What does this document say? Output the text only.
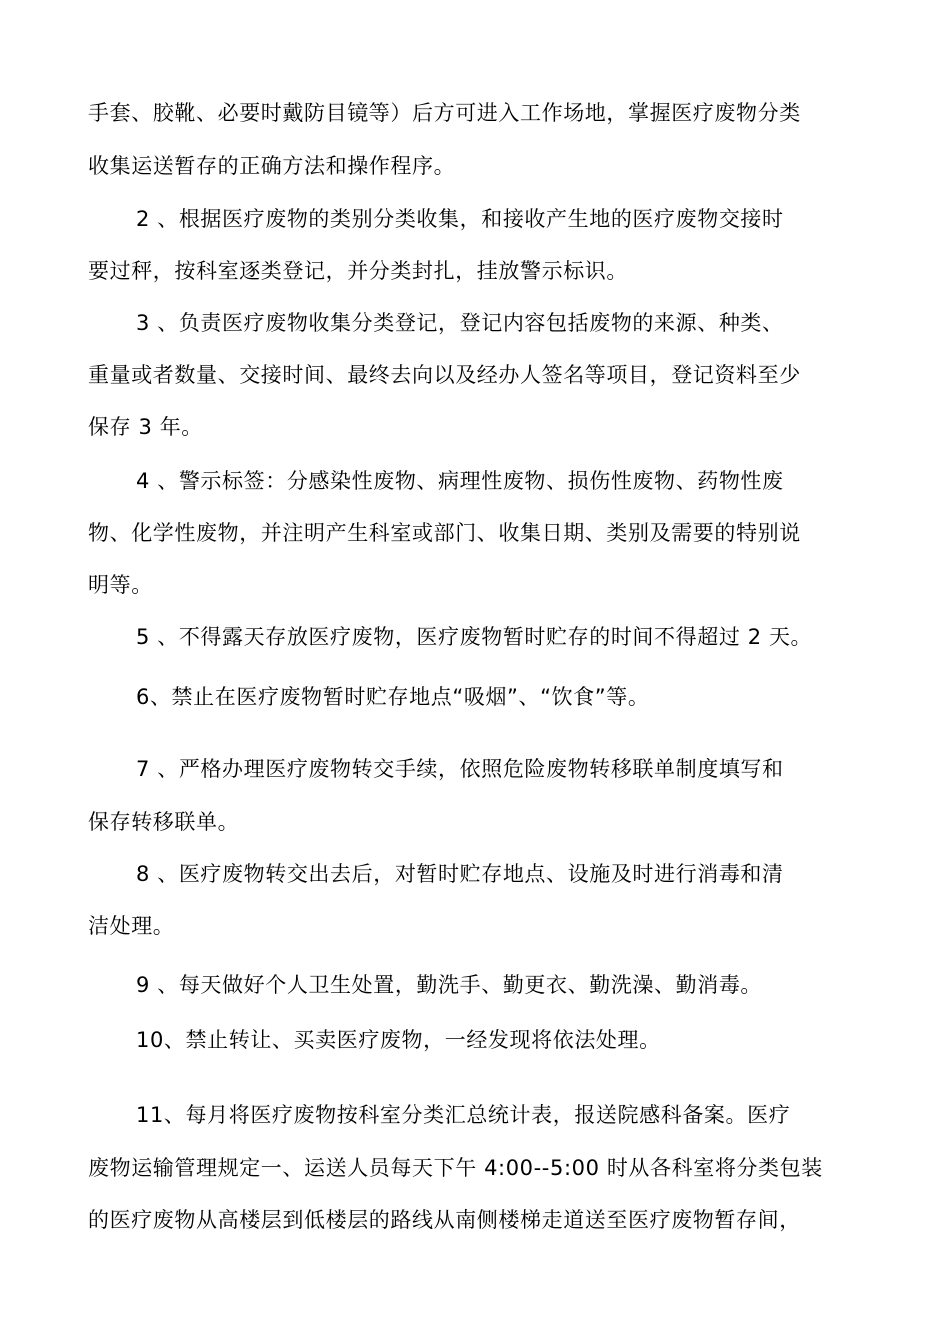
手套、胶靴、必要时戴防目镜等）后方可进入工作场地，掌握医疗废物分类
收集运送暂存的正确方法和操作程序。
2 、根据医疗废物的类别分类收集，和接收产生地的医疗废物交接时
要过秤，按科室逐类登记，并分类封扎，挂放警示标识。
3 、负责医疗废物收集分类登记，登记内容包括废物的来源、种类、
重量或者数量、交接时间、最终去向以及经办人签名等项目，登记资料至少
保存 3 年。
4 、警示标签：分感染性废物、病理性废物、损伤性废物、药物性废
物、化学性废物，并注明产生科室或部门、收集日期、类别及需要的特别说
明等。
5 、不得露天存放医疗废物，医疗废物暂时贮存的时间不得超过 2 天。
6、禁止在医疗废物暂时贮存地点“吸烟”、“饮食”等。
7 、严格办理医疗废物转交手续，依照危险废物转移联单制度填写和
保存转移联单。
8 、医疗废物转交出去后，对暂时贮存地点、设施及时进行消毒和清
洁处理。
9 、每天做好个人卫生处置，勤洗手、勤更衣、勤洗澡、勤消毒。
10、禁止转让、买卖医疗废物，一经发现将依法处理。
11、每月将医疗废物按科室分类汇总统计表，报送院感科备案。医疗
废物运输管理规定一、运送人员每天下午 4:00--5:00 时从各科室将分类包装
的医疗废物从高楼层到低楼层的路线从南侧楼梯走道送至医疗废物暂存间，
